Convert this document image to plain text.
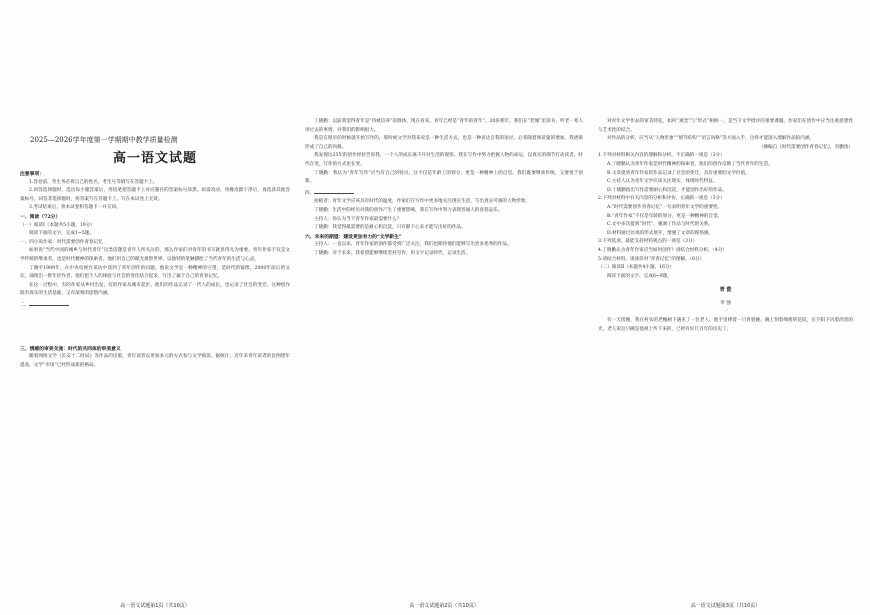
2025—2026学年度第一学期期中教学质量检测
高一语文试题

注意事项：

1.答卷前，考生务必将自己的姓名、考生号等填写在答题卡上。

2.回答选择题时，选出每小题答案后，用铅笔把答题卡上对应题目的答案标号涂黑。如需改动，用橡皮擦干净后，再选涂其他答案标号。回答非选择题时，将答案写在答题卡上。写在本试卷上无效。

3.考试结束后，将本试卷和答题卡一并交回。

一、阅读（72分）

（一）阅读Ⅰ（本题共5小题，19分）

阅读下面的文字，完成1~5题。

一、四小说作家：时代需要创作青春记忆

如果说“当代中国的城乡与时代青年”这类话题是青年人所关注的，那么作家们对青年的书写就显得尤为重要。青年作家不仅是文学传统的继承者，也是时代精神的探索者。他们用自己的眼光观察世界，以独特的笔触描绘了当代青年的生活与心灵。

丁晓平1989年，在中央电视台采访中谈到了青年创作的问题。他说文学是一种精神的守望，是时代的镜像。2000年前后的文坛，涌现出一批年轻作者，他们把个人的体验与社会的变化结合起来，写出了属于自己的青春记忆。

在这一过程中，有的作家从乡村出发，有的作家从城市起步。他们的作品记录了一代人的成长，也记录了社会的变迁。这种创作既有真实的生活基础，又有深刻的思想内涵。

二、

三、情感的审美交流：时代的共同体的审美意义

随着网络文学《长安十二时辰》等作品的出版，青年读者以更加多元的方式参与文学阅读。据统计，近年来青年读者的比例逐年提高，文学“市场”已经形成新的格局。

高一语文试题第1页（共10页）

丁晓勤：以前我觉得青年是“待被培养”的群体，现在看来，青年已经是“青年的青年”。20岁那年，我们在“老城”里读书，听老一辈人讲过去的事情，对我们的影响很大。

我是在很早的时候就开始写作的，那时候文学对我来说是一种生活方式，也是一种表达自我的途径。后来随着阅读量的增加，我逐渐形成了自己的风格。

我发现这25年的创作经验告诉我，一个人的成长离不开对生活的观察。我在写作中努力把握人物的命运，以真实的细节打动读者。时代在变，写作的方式也在变。

丁晓勤：我认为“青年写作”应当有自己的特点。这不仅是年龄上的划分，更是一种精神上的自觉。我们既要继承传统，又要勇于创新。

四、

拍板者：青年文学应该具有时代的温度，作家们在写作中更多地关注现实生活，写出真实可感的人物形象。

丁晓勤：生活中的经历对我的创作产生了重要影响，我在写作中努力表现普通人的喜怒哀乐。

主持人：你认为当下青年作家最需要什么？

丁晓勤：我觉得最需要的是耐心和沉淀，只有静下心来才能写出好的作品。

六、未来的期望：建设更加有力的“文学新生”

主持人：一直以来，青年作家的创作都受到广泛关注，我们也期待他们能够写出更多优秀的作品。

丁晓勤：对于未来，我希望能够继续坚持写作，用文字记录时代，记录生活。

高一语文试题第2页（共10页）

对青年文学作品的审美特征，如何“观念”与“形式”相统一，是当下文学批评的重要课题。作家们在创作中应当注重思想性与艺术性的结合。

对作品的分析，应当从“人物形象”“情节结构”“语言风格”等方面入手，这样才能深入理解作品的内涵。

（摘编自《时代需要创作青春记忆》，有删改）

1.下列对材料相关内容的理解和分析，不正确的一项是（3分）

A.丁晓勤认为青年作家是时代精神的探索者，他们的创作反映了当代青年的生活。

B.文章提到青年作家的作品记录了社会的变迁，具有重要的文学价值。

C.主持人认为青年文学应该关注现实，体现时代特征。

D.丁晓勤指出写作需要耐心和沉淀，才能创作出好的作品。

2.下列对材料中有关内容的分析和评价，正确的一项是（3分）

A.“时代需要创作青春记忆”一句表明青年文学的重要性。

B.“青年作家”不仅是年龄的划分，更是一种精神的自觉。

C.文中多次提到“时代”，强调了作品与时代的关系。

D.材料通过访谈的形式展开，增强了文章的现场感。

3.下列选项，最能支持材料观点的一项是（3分）

4.丁晓勤认为青年作家应当如何创作？请结合材料分析。（4分）

5.请结合材料，谈谈你对“青春记忆”的理解。（6分）

（二）阅读Ⅱ（本题共4小题，16分）

阅读下面的文字，完成6~9题。

青 瓷

李 强

一

有一天傍晚，我在村头的老槐树下遇见了一位老人。他手里捧着一只青瓷碗，碗上刻着细密的花纹，在夕阳下闪着淡淡的光。老人说这只碗是他祖上传下来的，已经有好几百年的历史了。

高一语文试题第3页（共10页）
